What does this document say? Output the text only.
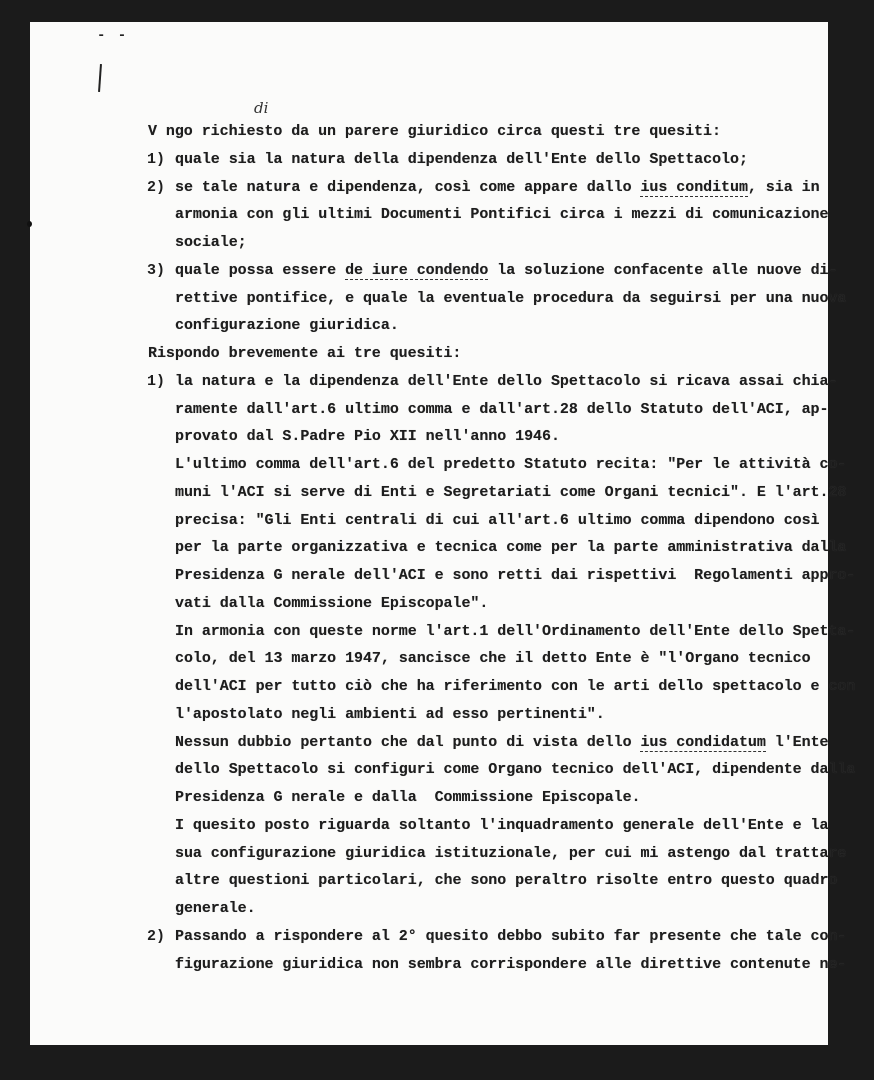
- -
di
V ngo richiesto da un parere giuridico circa questi tre quesiti:
1) quale sia la natura della dipendenza dell'Ente dello Spettacolo;
2) se tale natura e dipendenza, così come appare dallo ius conditum, sia in
armonia con gli ultimi Documenti Pontifici circa i mezzi di comunicazione
sociale;
3) quale possa essere de iure condendo la soluzione confacente alle nuove di-
rettive pontifice, e quale la eventuale procedura da seguirsi per una nuova
configurazione giuridica.
Rispondo brevemente ai tre quesiti:
1) la natura e la dipendenza dell'Ente dello Spettacolo si ricava assai chia-
ramente dall'art.6 ultimo comma e dall'art.28 dello Statuto dell'ACI, ap-
provato dal S.Padre Pio XII nell'anno 1946.
L'ultimo comma dell'art.6 del predetto Statuto recita: "Per le attività co-
muni l'ACI si serve di Enti e Segretariati come Organi tecnici". E l'art.28
precisa: "Gli Enti centrali di cui all'art.6 ultimo comma dipendono così
per la parte organizzativa e tecnica come per la parte amministrativa dalla
Presidenza G nerale dell'ACI e sono retti dai rispettivi  Regolamenti appro-
vati dalla Commissione Episcopale".
In armonia con queste norme l'art.1 dell'Ordinamento dell'Ente dello Spetta-
colo, del 13 marzo 1947, sancisce che il detto Ente è "l'Organo tecnico
dell'ACI per tutto ciò che ha riferimento con le arti dello spettacolo e con
l'apostolato negli ambienti ad esso pertinenti".
Nessun dubbio pertanto che dal punto di vista dello ius condidatum l'Ente
dello Spettacolo si configuri come Organo tecnico dell'ACI, dipendente dalla
Presidenza G nerale e dalla  Commissione Episcopale.
I quesito posto riguarda soltanto l'inquadramento generale dell'Ente e la
sua configurazione giuridica istituzionale, per cui mi astengo dal trattare
altre questioni particolari, che sono peraltro risolte entro questo quadro
generale.
2) Passando a rispondere al 2° quesito debbo subito far presente che tale con-
figurazione giuridica non sembra corrispondere alle direttive contenute ne-
